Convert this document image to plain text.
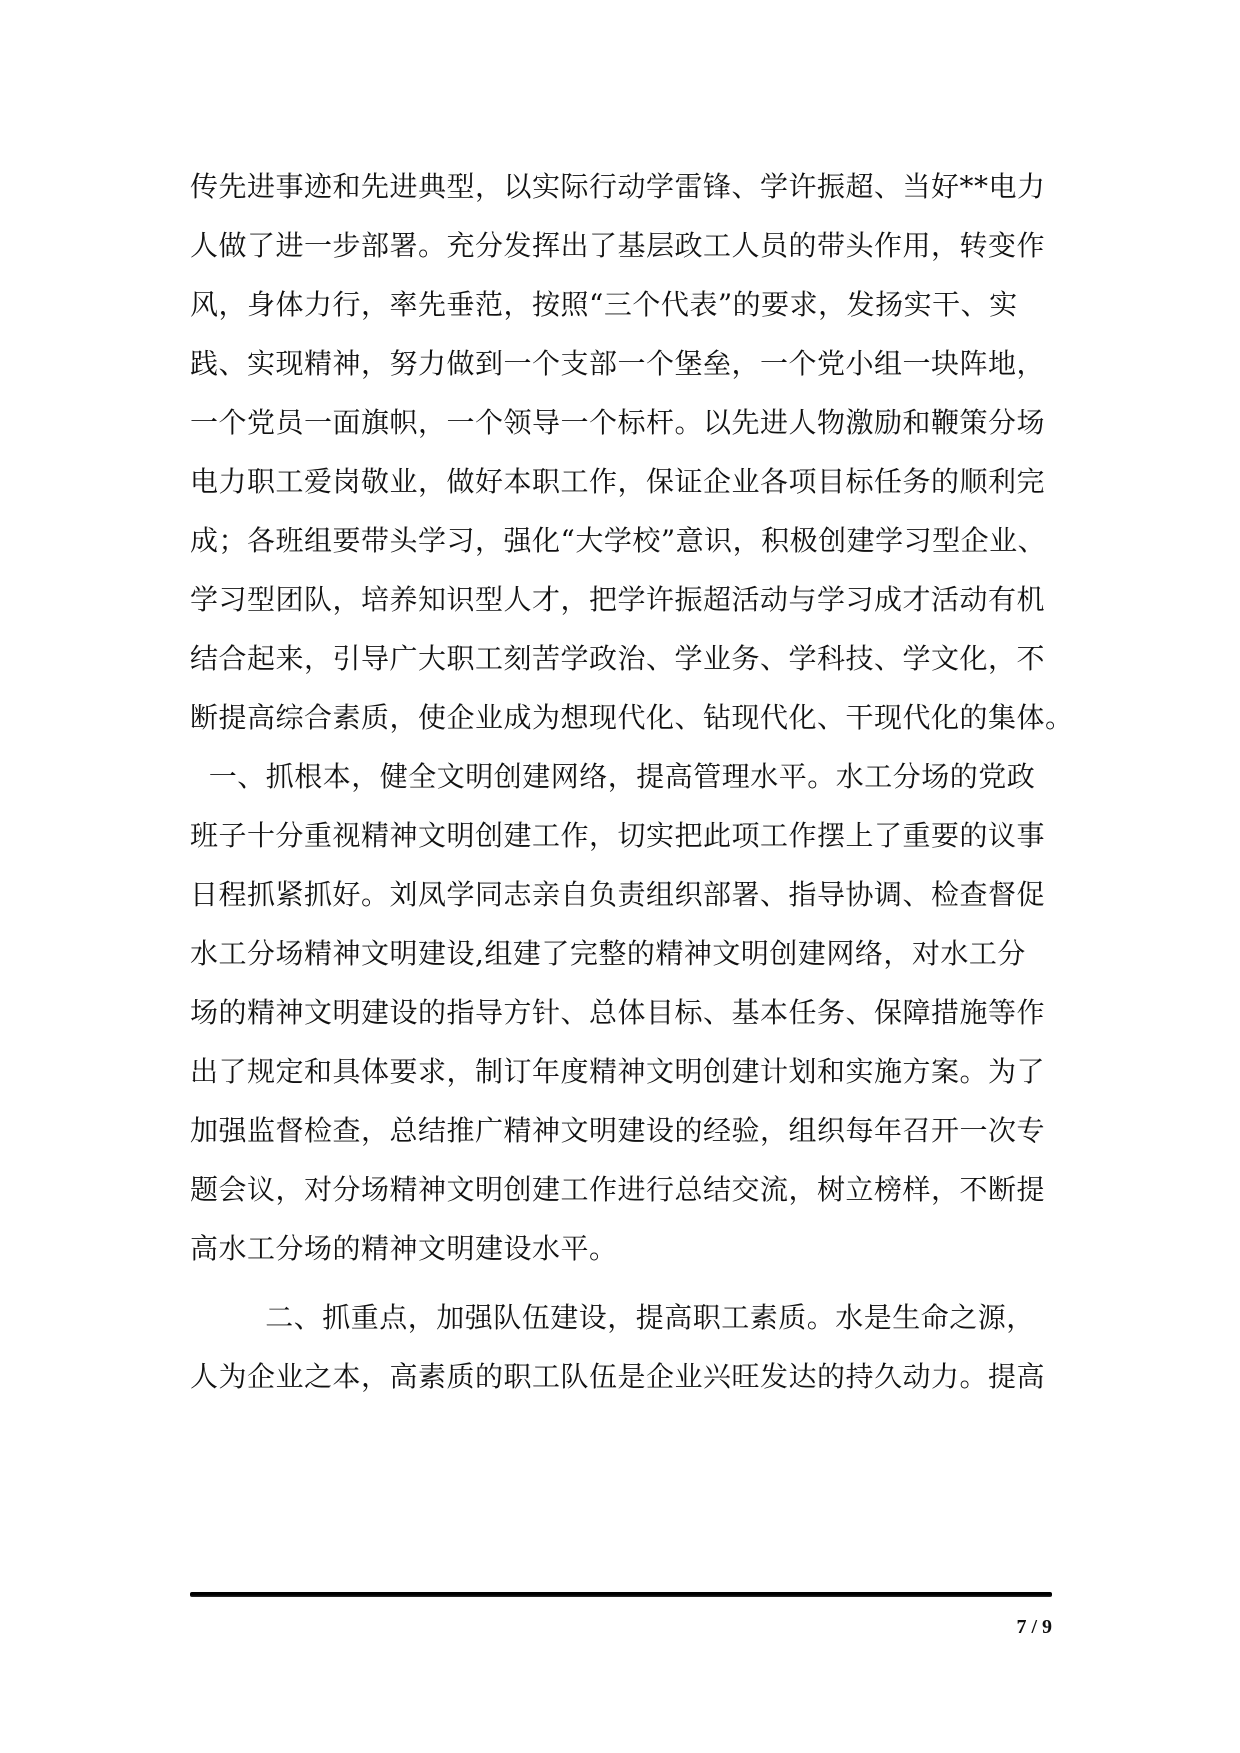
传先进事迹和先进典型，以实际行动学雷锋、学许振超、当好**电力
人做了进一步部署。充分发挥出了基层政工人员的带头作用，转变作
风，身体力行，率先垂范，按照“三个代表”的要求，发扬实干、实
践、实现精神，努力做到一个支部一个堡垒，一个党小组一块阵地，
一个党员一面旗帜，一个领导一个标杆。以先进人物激励和鞭策分场
电力职工爱岗敬业，做好本职工作，保证企业各项目标任务的顺利完
成；各班组要带头学习，强化“大学校”意识，积极创建学习型企业、
学习型团队，培养知识型人才，把学许振超活动与学习成才活动有机
结合起来，引导广大职工刻苦学政治、学业务、学科技、学文化，不
断提高综合素质，使企业成为想现代化、钻现代化、干现代化的集体。
一、抓根本，健全文明创建网络，提高管理水平。水工分场的党政
班子十分重视精神文明创建工作，切实把此项工作摆上了重要的议事
日程抓紧抓好。刘凤学同志亲自负责组织部署、指导协调、检查督促
水工分场精神文明建设,组建了完整的精神文明创建网络，对水工分
场的精神文明建设的指导方针、总体目标、基本任务、保障措施等作
出了规定和具体要求，制订年度精神文明创建计划和实施方案。为了
加强监督检查，总结推广精神文明建设的经验，组织每年召开一次专
题会议，对分场精神文明创建工作进行总结交流，树立榜样，不断提
高水工分场的精神文明建设水平。
二、抓重点，加强队伍建设，提高职工素质。水是生命之源，
人为企业之本，高素质的职工队伍是企业兴旺发达的持久动力。提高
7 / 9
